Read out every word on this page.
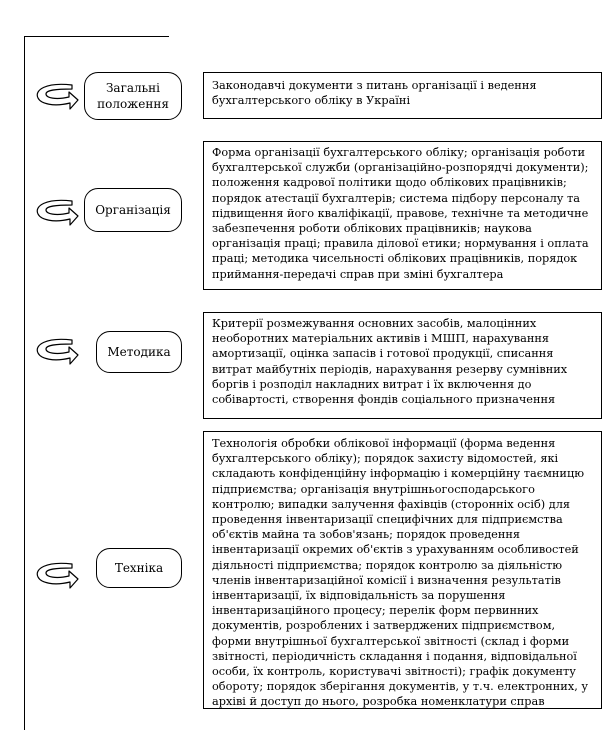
Загальні положення
Законодавчі документи з питань організації і ведення бухгалтерського обліку в Україні
Організація
Форма організації бухгалтерського обліку; організація роботи бухгалтерської служби (організаційно-розпорядчі документи); положення кадрової політики щодо облікових працівників; порядок атестації бухгалтерів; система підбору персоналу та підвищення його кваліфікації, правове, технічне та методичне забезпечення роботи облікових працівників; наукова організація праці; правила ділової етики; нормування і оплата праці; методика чисельності облікових працівників, порядок приймання-передачі справ при зміні бухгалтера
Методика
Критерії розмежування основних засобів, малоцінних необоротних матеріальних активів і МШП, нарахування амортизації, оцінка запасів і готової продукції, списання витрат майбутніх періодів, нарахування резерву сумнівних боргів і розподіл накладних витрат і їх включення до собівартості, створення фондів соціального призначення
Техніка
Технологія обробки облікової інформації (форма ведення бухгалтерського обліку); порядок захисту відомостей, які складають конфіденційну інформацію і комерційну таємницю підприємства; організація внутрішньогосподарського контролю; випадки залучення фахівців (сторонніх осіб) для проведення інвентаризації специфічних для підприємства об'єктів майна та зобов'язань; порядок проведення інвентаризації окремих об'єктів з урахуванням особливостей діяльності підприємства; порядок контролю за діяльністю членів інвентаризаційної комісії і визначення результатів інвентаризації, їх відповідальність за порушення інвентаризаційного процесу; перелік форм первинних документів, розроблених і затверджених підприємством, форми внутрішньої бухгалтерської звітності (склад і форми звітності, періодичність складання і подання, відповідальної особи, їх контроль, користувачі звітності); графік документу обороту; порядок зберігання документів, у т.ч. електронних, у архіві й доступ до нього, розробка номенклатури справ
